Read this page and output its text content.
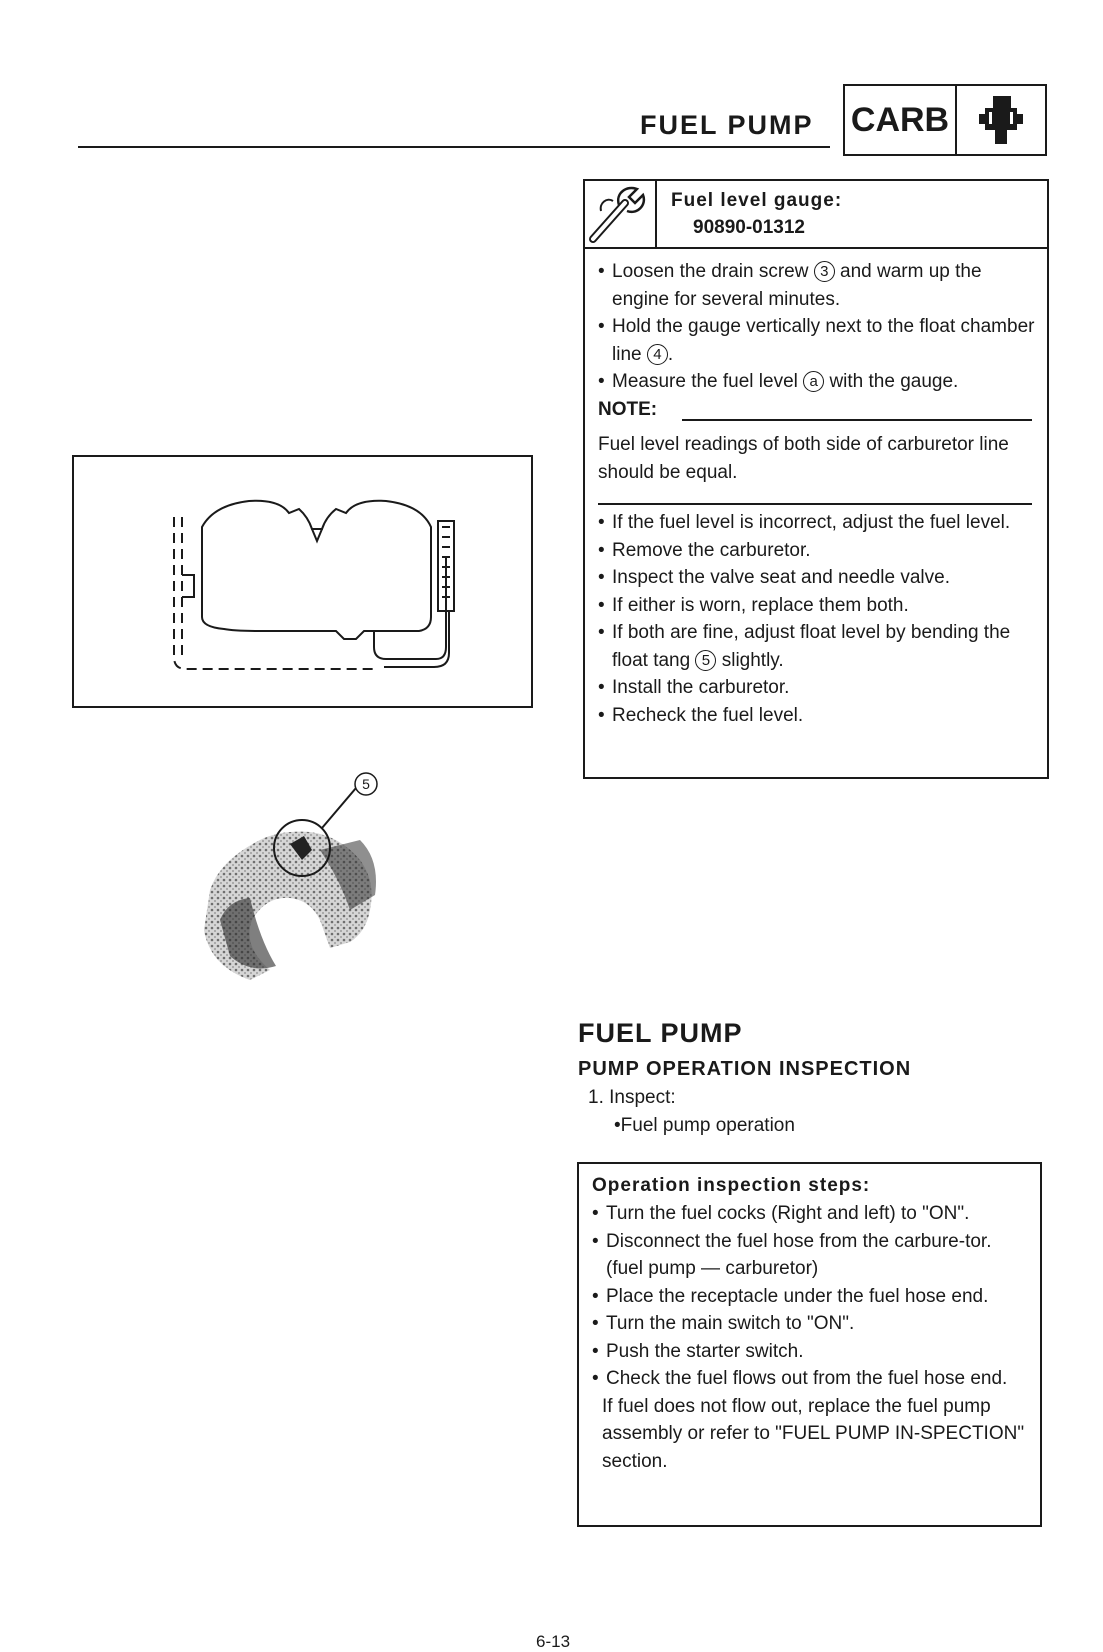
FUEL PUMP CARB
Fuel level gauge:
90890-01312
• Loosen the drain screw 3 and warm up the engine for several minutes.
• Hold the gauge vertically next to the float chamber line 4 .
• Measure the fuel level a with the gauge.
NOTE:
Fuel level readings of both side of carburetor line should be equal.
• If the fuel level is incorrect, adjust the fuel level.
• Remove the carburetor.
• Inspect the valve seat and needle valve.
• If either is worn, replace them both.
• If both are fine, adjust float level by bending the float tang 5 slightly.
• Install the carburetor.
• Recheck the fuel level.
5
FUEL PUMP
PUMP OPERATION INSPECTION
1. Inspect:
•Fuel pump operation
Operation inspection steps:
• Turn the fuel cocks (Right and left) to "ON".
• Disconnect the fuel hose from the carbure-tor. (fuel pump — carburetor)
• Place the receptacle under the fuel hose end.
• Turn the main switch to "ON".
• Push the starter switch.
• Check the fuel flows out from the fuel hose end.
If fuel does not flow out, replace the fuel pump assembly or refer to "FUEL PUMP IN-SPECTION" section.
6-13
